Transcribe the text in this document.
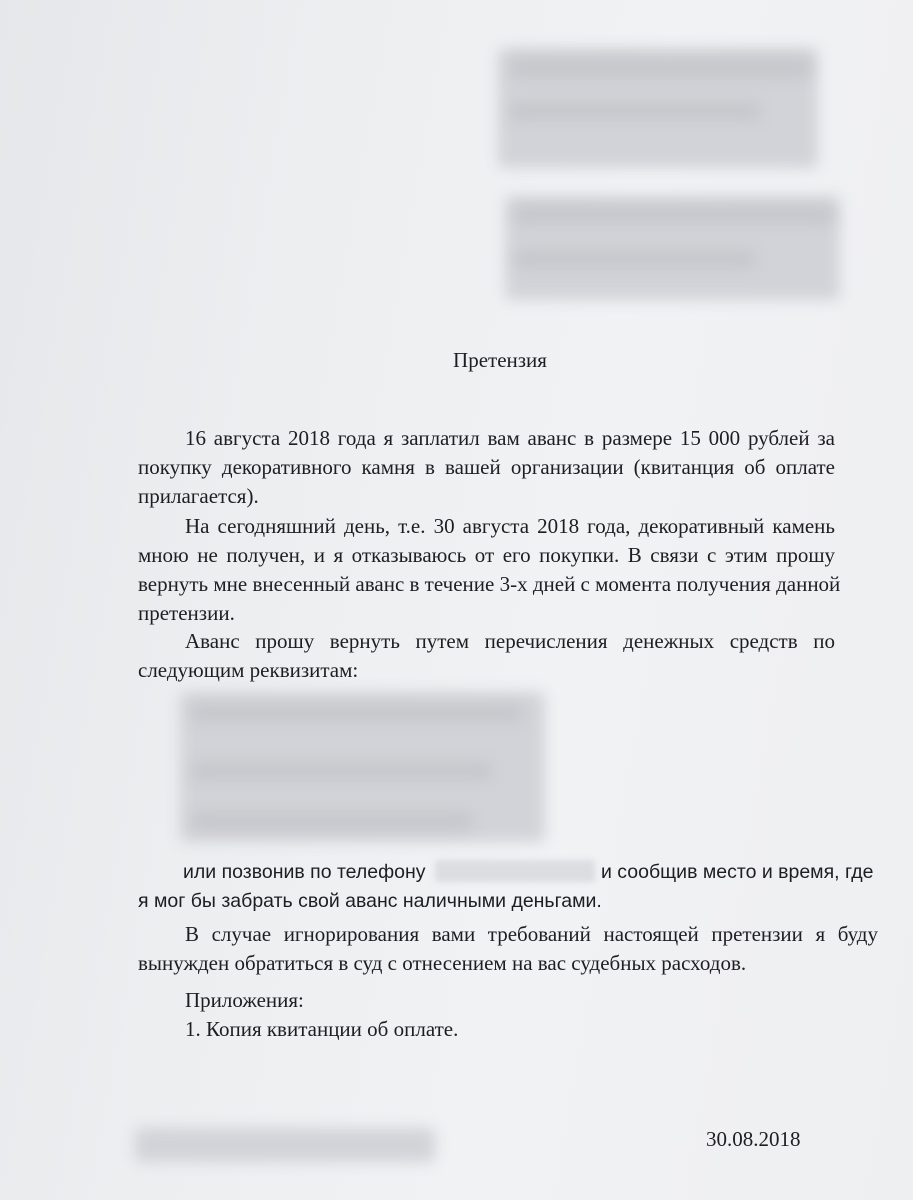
Претензия
16 августа 2018 года я заплатил вам аванс в размере 15 000 рублей за
покупку декоративного камня в вашей организации (квитанция об оплате
прилагается).
На сегодняшний день, т.е. 30 августа 2018 года, декоративный камень
мною не получен, и я отказываюсь от его покупки. В связи с этим прошу
вернуть мне внесенный аванс в течение 3-х дней с момента получения данной
претензии.
Аванс прошу вернуть путем перечисления денежных средств по
следующим реквизитам:
или позвонив по телефону	и сообщив место и время, где
я мог бы забрать свой аванс наличными деньгами.
В случае игнорирования вами требований настоящей претензии я буду
вынужден обратиться в суд с отнесением на вас судебных расходов.
Приложения:
1. Копия квитанции об оплате.
30.08.2018
